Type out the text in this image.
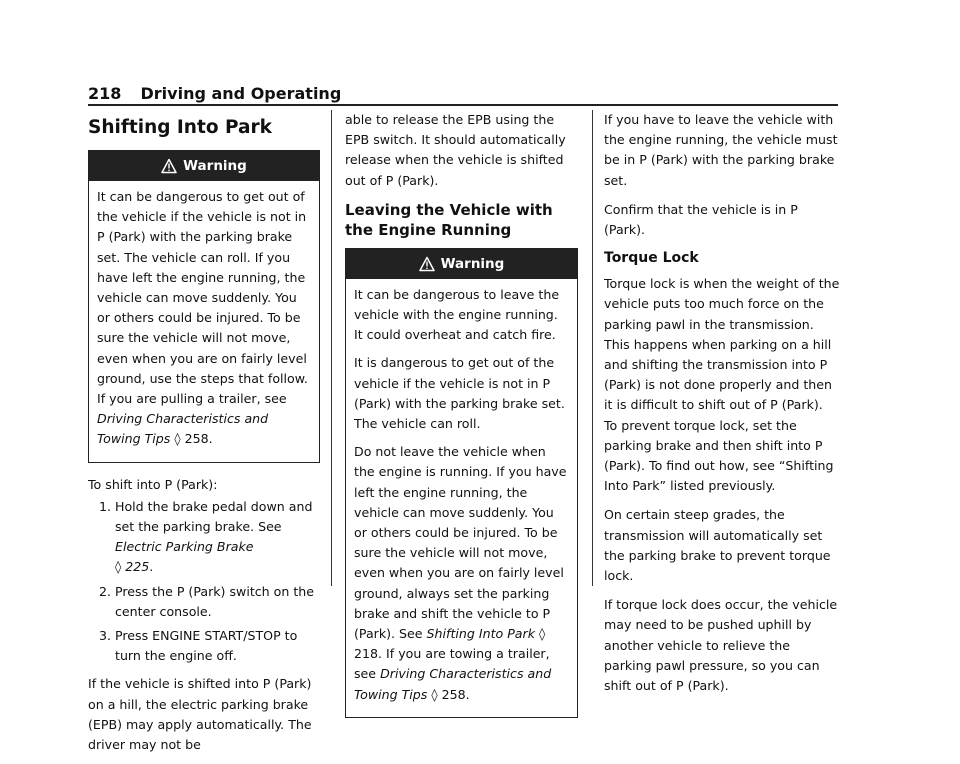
218 Driving and Operating
Shifting Into Park
Warning

It can be dangerous to get out of the vehicle if the vehicle is not in P (Park) with the parking brake set. The vehicle can roll. If you have left the engine running, the vehicle can move suddenly. You or others could be injured. To be sure the vehicle will not move, even when you are on fairly level ground, use the steps that follow. If you are pulling a trailer, see Driving Characteristics and Towing Tips ◊ 258.

To shift into P (Park):

1. Hold the brake pedal down and set the parking brake. See Electric Parking Brake
◊ 225.
2. Press the P (Park) switch on the center console.
3. Press ENGINE START/STOP to turn the engine off.

If the vehicle is shifted into P (Park) on a hill, the electric parking brake (EPB) may apply automatically. The driver may not be

able to release the EPB using the EPB switch. It should automatically release when the vehicle is shifted out of P (Park).

Leaving the Vehicle with the Engine Running
Warning

It can be dangerous to leave the vehicle with the engine running. It could overheat and catch fire.

It is dangerous to get out of the vehicle if the vehicle is not in P (Park) with the parking brake set. The vehicle can roll.

Do not leave the vehicle when the engine is running. If you have left the engine running, the vehicle can move suddenly. You or others could be injured. To be sure the vehicle will not move, even when you are on fairly level ground, always set the parking brake and shift the vehicle to P (Park). See Shifting Into Park ◊ 218. If you are towing a trailer, see Driving Characteristics and Towing Tips ◊ 258.

If you have to leave the vehicle with the engine running, the vehicle must be in P (Park) with the parking brake set.

Confirm that the vehicle is in P (Park).

Torque Lock

Torque lock is when the weight of the vehicle puts too much force on the parking pawl in the transmission. This happens when parking on a hill and shifting the transmission into P (Park) is not done properly and then it is difficult to shift out of P (Park). To prevent torque lock, set the parking brake and then shift into P (Park). To find out how, see “Shifting Into Park” listed previously.

On certain steep grades, the transmission will automatically set the parking brake to prevent torque lock.

If torque lock does occur, the vehicle may need to be pushed uphill by another vehicle to relieve the parking pawl pressure, so you can shift out of P (Park).
